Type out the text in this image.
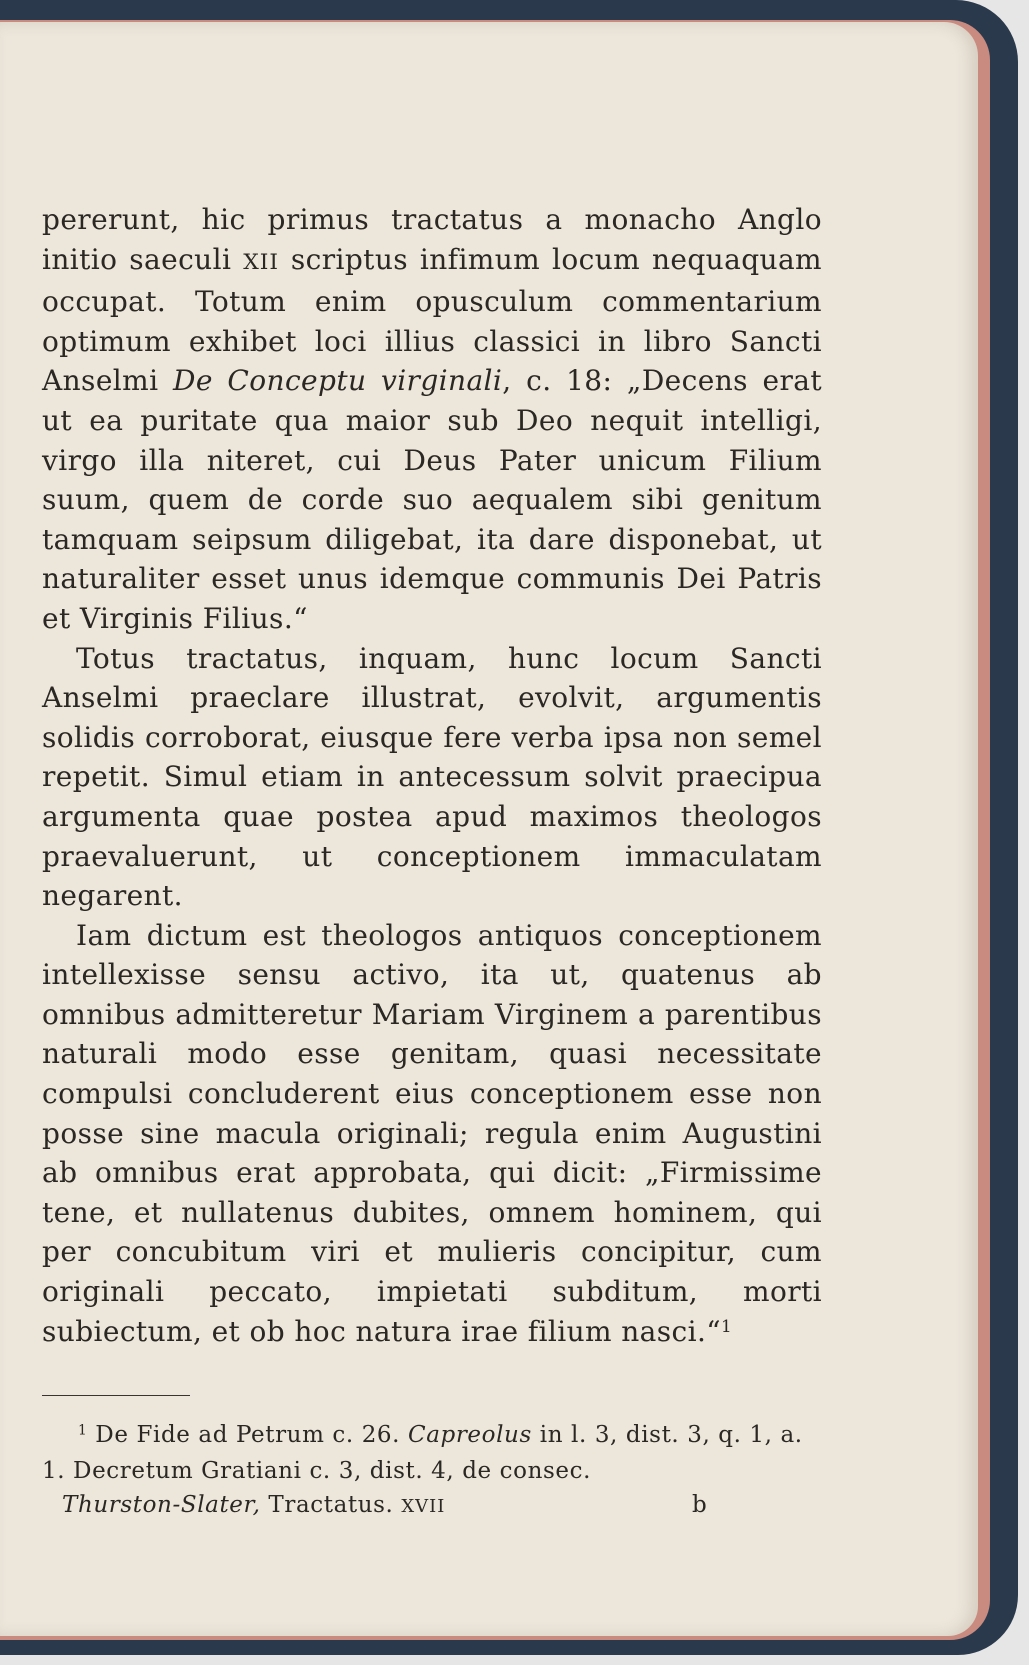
pererunt, hic primus tractatus a monacho Anglo initio saeculi XII scriptus infimum locum nequaquam occupat. Totum enim opusculum commentarium optimum exhibet loci illius classici in libro Sancti Anselmi De Conceptu virginali, c. 18: „Decens erat ut ea puritate qua maior sub Deo nequit intelligi, virgo illa niteret, cui Deus Pater unicum Filium suum, quem de corde suo aequalem sibi genitum tamquam seipsum diligebat, ita dare disponebat, ut naturaliter esset unus idemque communis Dei Patris et Virginis Filius.“

Totus tractatus, inquam, hunc locum Sancti Anselmi praeclare illustrat, evolvit, argumentis solidis corroborat, eiusque fere verba ipsa non semel repetit. Simul etiam in antecessum solvit praecipua argumenta quae postea apud maximos theologos praevaluerunt, ut conceptionem immaculatam negarent.

Iam dictum est theologos antiquos conceptionem intellexisse sensu activo, ita ut, quatenus ab omnibus admitteretur Mariam Virginem a parentibus naturali modo esse genitam, quasi necessitate compulsi concluderent eius conceptionem esse non posse sine macula originali; regula enim Augustini ab omnibus erat approbata, qui dicit: „Firmissime tene, et nullatenus dubites, omnem hominem, qui per concubitum viri et mulieris concipitur, cum originali peccato, impietati subditum, morti subiectum, et ob hoc natura irae filium nasci.“$^1$

$^1$ De Fide ad Petrum c. 26. Capreolus in l. 3, dist. 3, q. 1, a. 1. Decretum Gratiani c. 3, dist. 4, de consec.

Thurston-Slater, Tractatus. XVII	b
